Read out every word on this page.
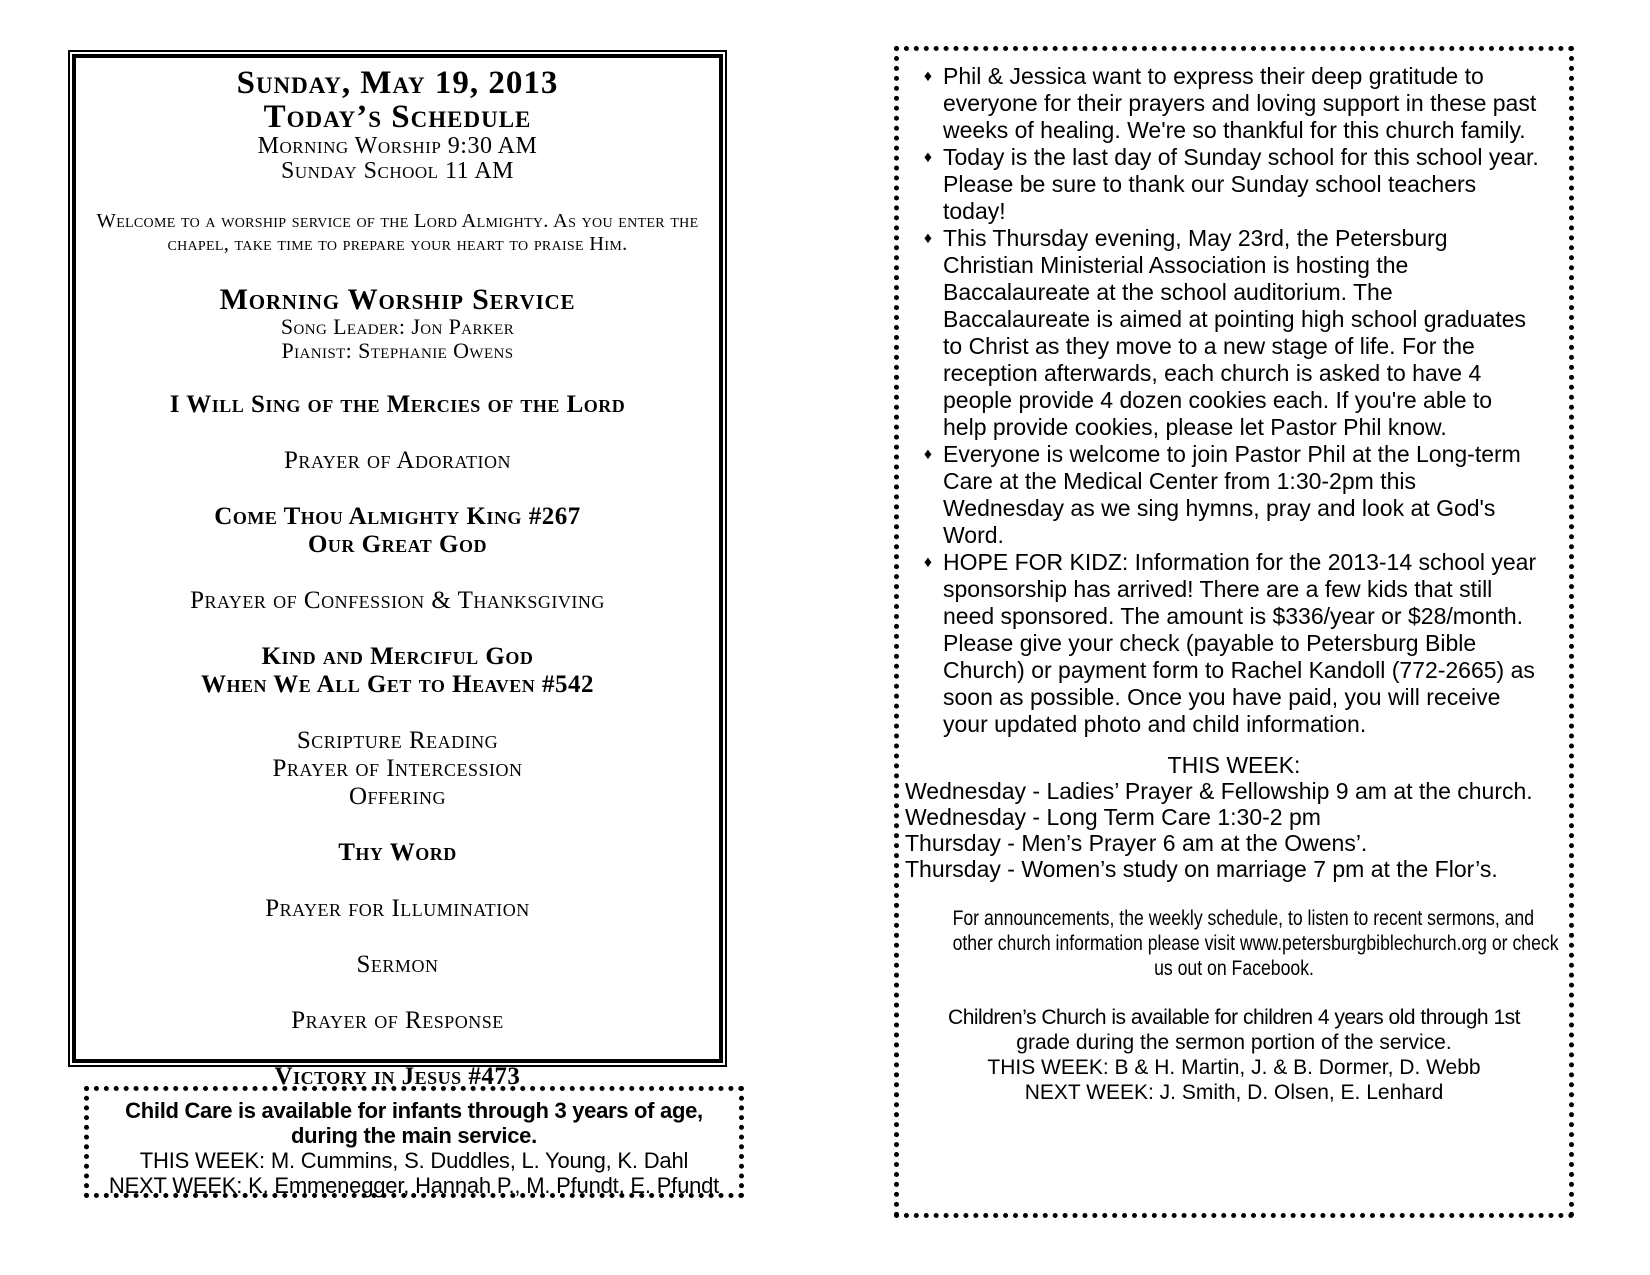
Sunday, May 19, 2013
Today’s Schedule
Morning Worship 9:30 AM
Sunday School 11 AM
Welcome to a worship service of the Lord Almighty. As you enter the chapel, take time to prepare your heart to praise Him.
Morning Worship Service
Song Leader: Jon Parker
Pianist: Stephanie Owens
I Will Sing of the Mercies of the Lord
Prayer of Adoration
Come Thou Almighty King #267
Our Great God
Prayer of Confession & Thanksgiving
Kind and Merciful God
When We All Get to Heaven #542
Scripture Reading
Prayer of Intercession
Offering
Thy Word
Prayer for Illumination
Sermon
Prayer of Response
Victory in Jesus #473
Child Care is available for infants through 3 years of age,
during the main service.
THIS WEEK: M. Cummins, S. Duddles, L. Young, K. Dahl
NEXT WEEK: K. Emmenegger, Hannah P., M. Pfundt, E. Pfundt
♦ Phil & Jessica want to express their deep gratitude to everyone for their prayers and loving support in these past weeks of healing. We're so thankful for this church family.
♦ Today is the last day of Sunday school for this school year. Please be sure to thank our Sunday school teachers today!
♦ This Thursday evening, May 23rd, the Petersburg Christian Ministerial Association is hosting the Baccalaureate at the school auditorium. The Baccalaureate is aimed at pointing high school graduates to Christ as they move to a new stage of life. For the reception afterwards, each church is asked to have 4 people provide 4 dozen cookies each. If you're able to help provide cookies, please let Pastor Phil know.
♦ Everyone is welcome to join Pastor Phil at the Long-term Care at the Medical Center from 1:30-2pm this Wednesday as we sing hymns, pray and look at God's Word.
♦ HOPE FOR KIDZ: Information for the 2013-14 school year sponsorship has arrived! There are a few kids that still need sponsored. The amount is $336/year or $28/month. Please give your check (payable to Petersburg Bible Church) or payment form to Rachel Kandoll (772-2665) as soon as possible. Once you have paid, you will receive your updated photo and child information.
THIS WEEK:
Wednesday - Ladies’ Prayer & Fellowship 9 am at the church.
Wednesday - Long Term Care 1:30-2 pm
Thursday - Men’s Prayer 6 am at the Owens’.
Thursday - Women’s study on marriage 7 pm at the Flor’s.
For announcements, the weekly schedule, to listen to recent sermons, and
other church information please visit www.petersburgbiblechurch.org or check
us out on Facebook.
Children’s Church is available for children 4 years old through 1st
grade during the sermon portion of the service.
THIS WEEK: B & H. Martin, J. & B. Dormer, D. Webb
NEXT WEEK: J. Smith, D. Olsen, E. Lenhard
